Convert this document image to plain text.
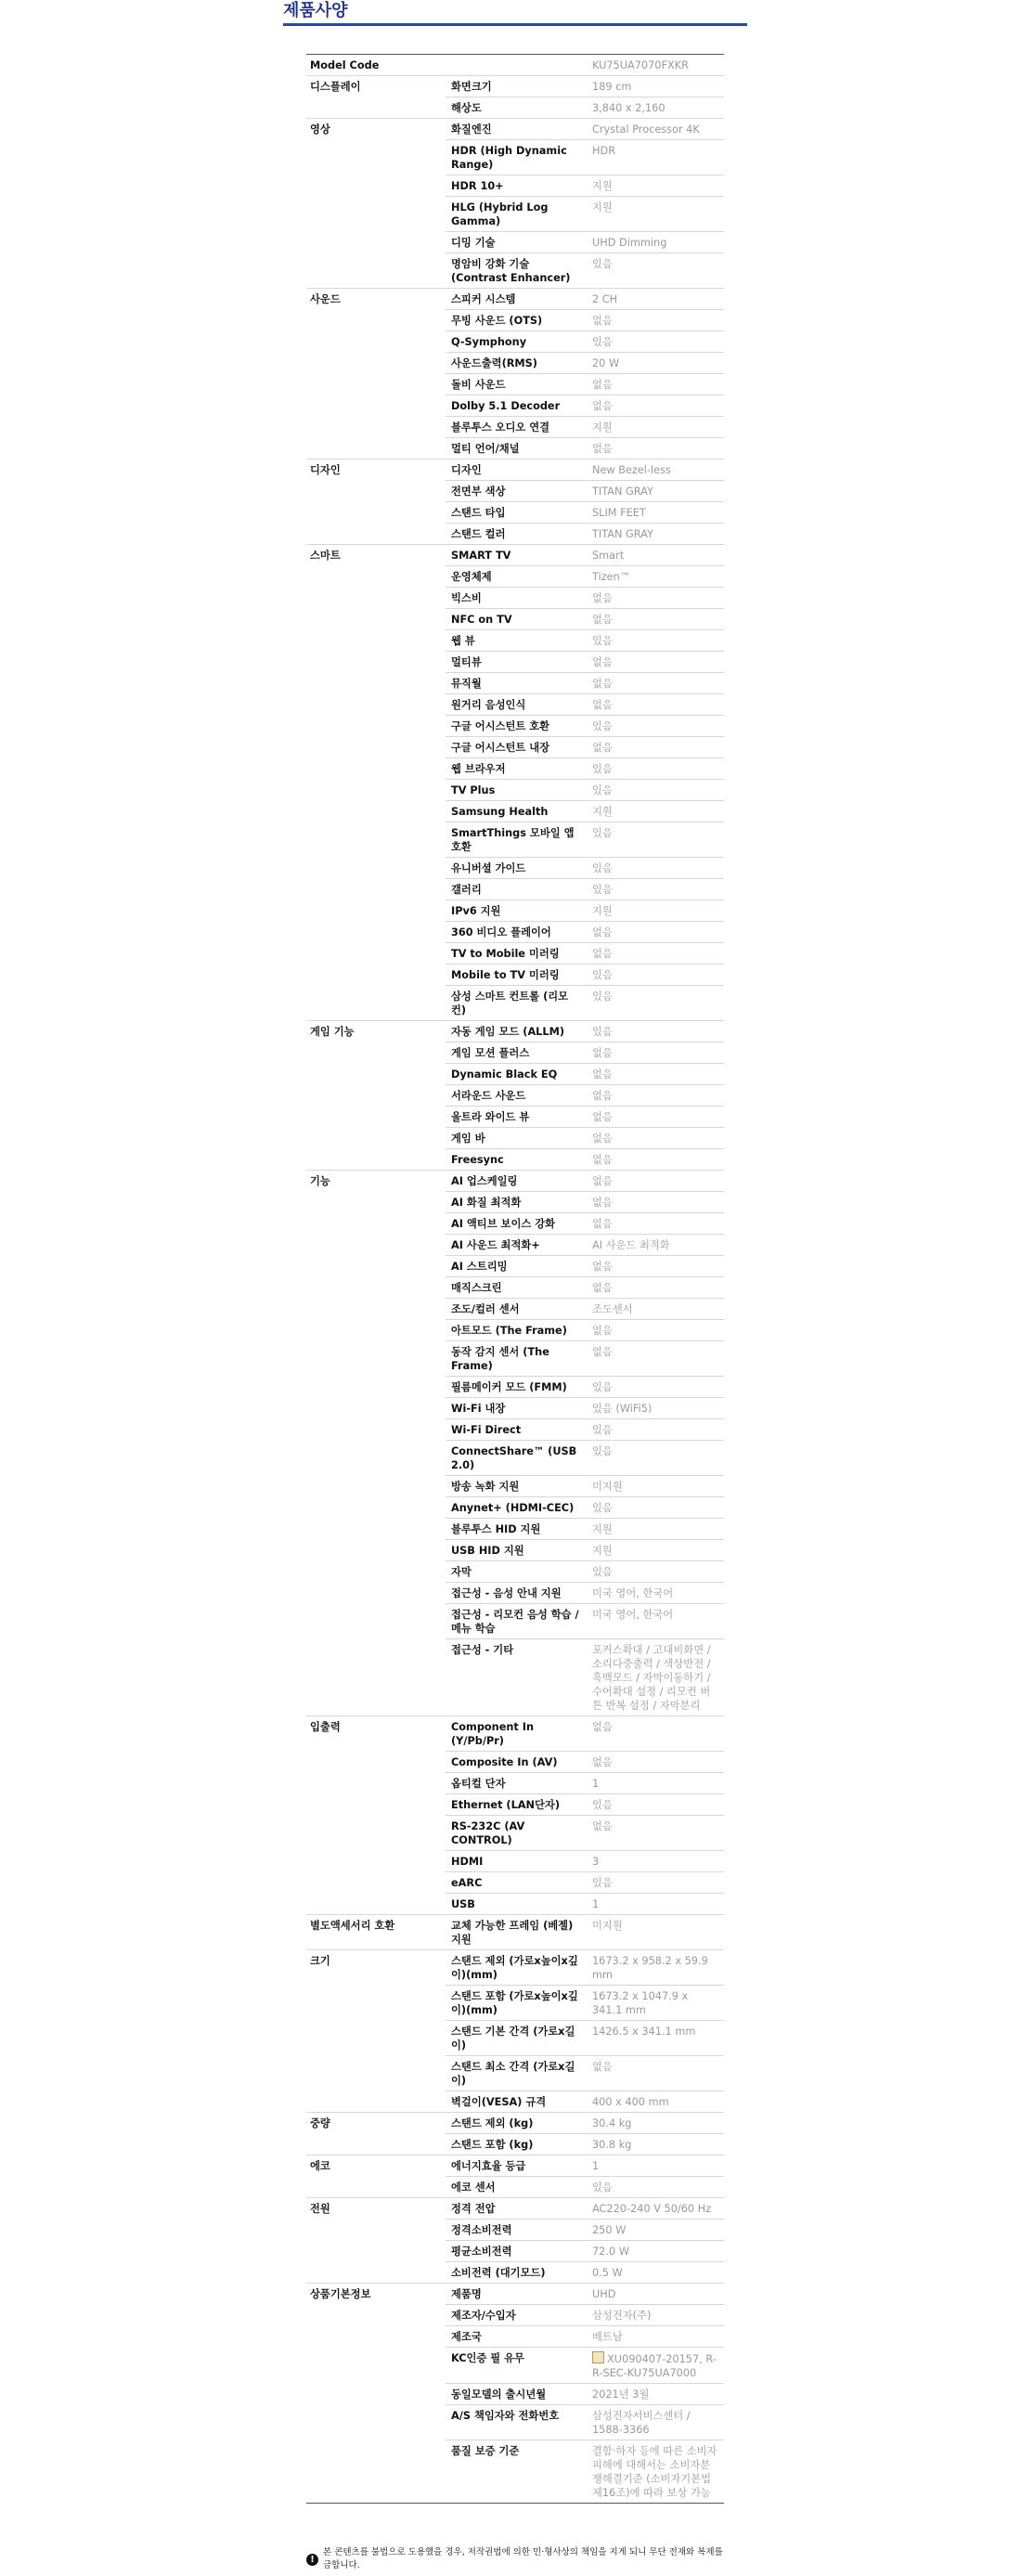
제품사양
Model Code		KU75UA7070FXKR
디스플레이	화면크기	189 cm
	해상도	3,840 x 2,160
영상	화질엔진	Crystal Processor 4K
	HDR (High Dynamic Range)	HDR
	HDR 10+	지원
	HLG (Hybrid Log Gamma)	지원
	디밍 기술	UHD Dimming
	명암비 강화 기술 (Contrast Enhancer)	있음
사운드	스피커 시스템	2 CH
	무빙 사운드 (OTS)	없음
	Q-Symphony	있음
	사운드출력(RMS)	20 W
	돌비 사운드	없음
	Dolby 5.1 Decoder	없음
	블루투스 오디오 연결	지원
	멀티 언어/채널	없음
디자인	디자인	New Bezel-less
	전면부 색상	TITAN GRAY
	스탠드 타입	SLIM FEET
	스탠드 컬러	TITAN GRAY
스마트	SMART TV	Smart
	운영체제	Tizen™
	빅스비	없음
	NFC on TV	없음
	웹 뷰	있음
	멀티뷰	없음
	뮤직월	없음
	원거리 음성인식	없음
	구글 어시스턴트 호환	있음
	구글 어시스턴트 내장	없음
	웹 브라우저	있음
	TV Plus	있음
	Samsung Health	지원
	SmartThings 모바일 앱 호환	있음
	유니버셜 가이드	있음
	갤러리	있음
	IPv6 지원	지원
	360 비디오 플레이어	없음
	TV to Mobile 미러링	없음
	Mobile to TV 미러링	있음
	삼성 스마트 컨트롤 (리모컨)	있음
게임 기능	자동 게임 모드 (ALLM)	있음
	게임 모션 플러스	없음
	Dynamic Black EQ	없음
	서라운드 사운드	없음
	울트라 와이드 뷰	없음
	게임 바	없음
	Freesync	없음
기능	AI 업스케일링	없음
	AI 화질 최적화	없음
	AI 액티브 보이스 강화	없음
	AI 사운드 최적화+	AI 사운드 최적화
	AI 스트리밍	없음
	매직스크린	없음
	조도/컬러 센서	조도센서
	아트모드 (The Frame)	없음
	동작 감지 센서 (The Frame)	없음
	필름메이커 모드 (FMM)	있음
	Wi-Fi 내장	있음 (WiFi5)
	Wi-Fi Direct	있음
	ConnectShare™ (USB 2.0)	있음
	방송 녹화 지원	미지원
	Anynet+ (HDMI-CEC)	있음
	블루투스 HID 지원	지원
	USB HID 지원	지원
	자막	있음
	접근성 - 음성 안내 지원	미국 영어, 한국어
	접근성 - 리모컨 음성 학습 / 메뉴 학습	미국 영어, 한국어
	접근성 - 기타	포커스확대 / 고대비화면 / 소리다중출력 / 색상반전 / 흑백모드 / 자막이동하기 / 수어확대 설정 / 리모컨 버튼 반복 설정 / 자막분리
입출력	Component In (Y/Pb/Pr)	없음
	Composite In (AV)	없음
	옵티컬 단자	1
	Ethernet (LAN단자)	있음
	RS-232C (AV CONTROL)	없음
	HDMI	3
	eARC	있음
	USB	1
별도액세서리 호환	교체 가능한 프레임 (베젤) 지원	미지원
크기	스탠드 제외 (가로x높이x깊이)(mm)	1673.2 x 958.2 x 59.9 mm
	스탠드 포함 (가로x높이x깊이)(mm)	1673.2 x 1047.9 x 341.1 mm
	스탠드 기본 간격 (가로x길이)	1426.5 x 341.1 mm
	스탠드 최소 간격 (가로x길이)	없음
	벽걸이(VESA) 규격	400 x 400 mm
중량	스탠드 제외 (kg)	30.4 kg
	스탠드 포함 (kg)	30.8 kg
에코	에너지효율 등급	1
	에코 센서	있음
전원	정격 전압	AC220-240 V 50/60 Hz
	정격소비전력	250 W
	평균소비전력	72.0 W
	소비전력 (대기모드)	0.5 W
상품기본정보	제품명	UHD
	제조자/수입자	삼성전자(주)
	제조국	베트남
	KC인증 필 유무	XU090407-20157, R-R-SEC-KU75UA7000
	동일모델의 출시년월	2021년 3월
	A/S 책임자와 전화번호	삼성전자서비스센터 / 1588-3366
	품질 보증 기준	결함·하자 등에 따른 소비자 피해에 대해서는 소비자분쟁해결기준 (소비자기본법 제16조)에 따라 보상 가능
!
본 콘텐츠를 불법으로 도용했을 경우, 저작권법에 의한 민·형사상의 책임을 지게 되니 무단 전재와 복제를 금합니다.
